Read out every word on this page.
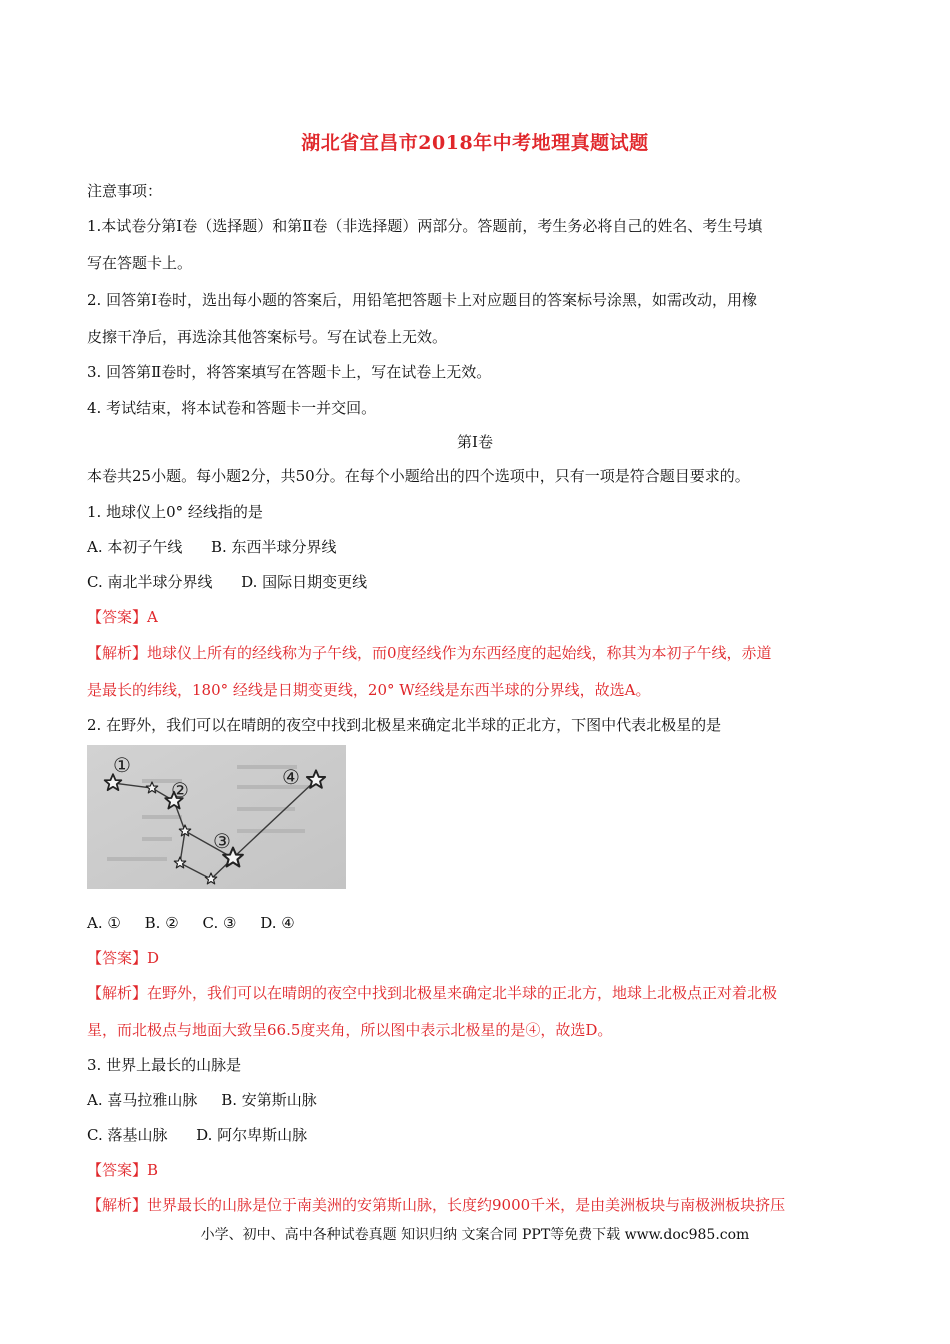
湖北省宜昌市2018年中考地理真题试题
注意事项：
1.本试卷分第Ⅰ卷（选择题）和第Ⅱ卷（非选择题）两部分。答题前，考生务必将自己的姓名、考生号填
写在答题卡上。
2. 回答第Ⅰ卷时，选出每小题的答案后，用铅笔把答题卡上对应题目的答案标号涂黑，如需改动，用橡
皮擦干净后，再选涂其他答案标号。写在试卷上无效。
3. 回答第Ⅱ卷时，将答案填写在答题卡上，写在试卷上无效。
4. 考试结束，将本试卷和答题卡一并交回。
第Ⅰ卷
本卷共25小题。每小题2分，共50分。在每个小题给出的四个选项中，只有一项是符合题目要求的。
1. 地球仪上0° 经线指的是
A. 本初子午线      B. 东西半球分界线
C. 南北半球分界线      D. 国际日期变更线
【答案】A
【解析】地球仪上所有的经线称为子午线，而0度经线作为东西经度的起始线，称其为本初子午线，赤道
是最长的纬线，180° 经线是日期变更线，20° W经线是东西半球的分界线，故选A。
2. 在野外，我们可以在晴朗的夜空中找到北极星来确定北半球的正北方，下图中代表北极星的是
①
②
③
④
A. ①     B. ②     C. ③     D. ④
【答案】D
【解析】在野外，我们可以在晴朗的夜空中找到北极星来确定北半球的正北方，地球上北极点正对着北极
星，而北极点与地面大致呈66.5度夹角，所以图中表示北极星的是④，故选D。
3. 世界上最长的山脉是
A. 喜马拉雅山脉     B. 安第斯山脉
C. 落基山脉      D. 阿尔卑斯山脉
【答案】B
【解析】世界最长的山脉是位于南美洲的安第斯山脉，长度约9000千米，是由美洲板块与南极洲板块挤压
小学、初中、高中各种试卷真题 知识归纳 文案合同 PPT等免费下载 www.doc985.com
